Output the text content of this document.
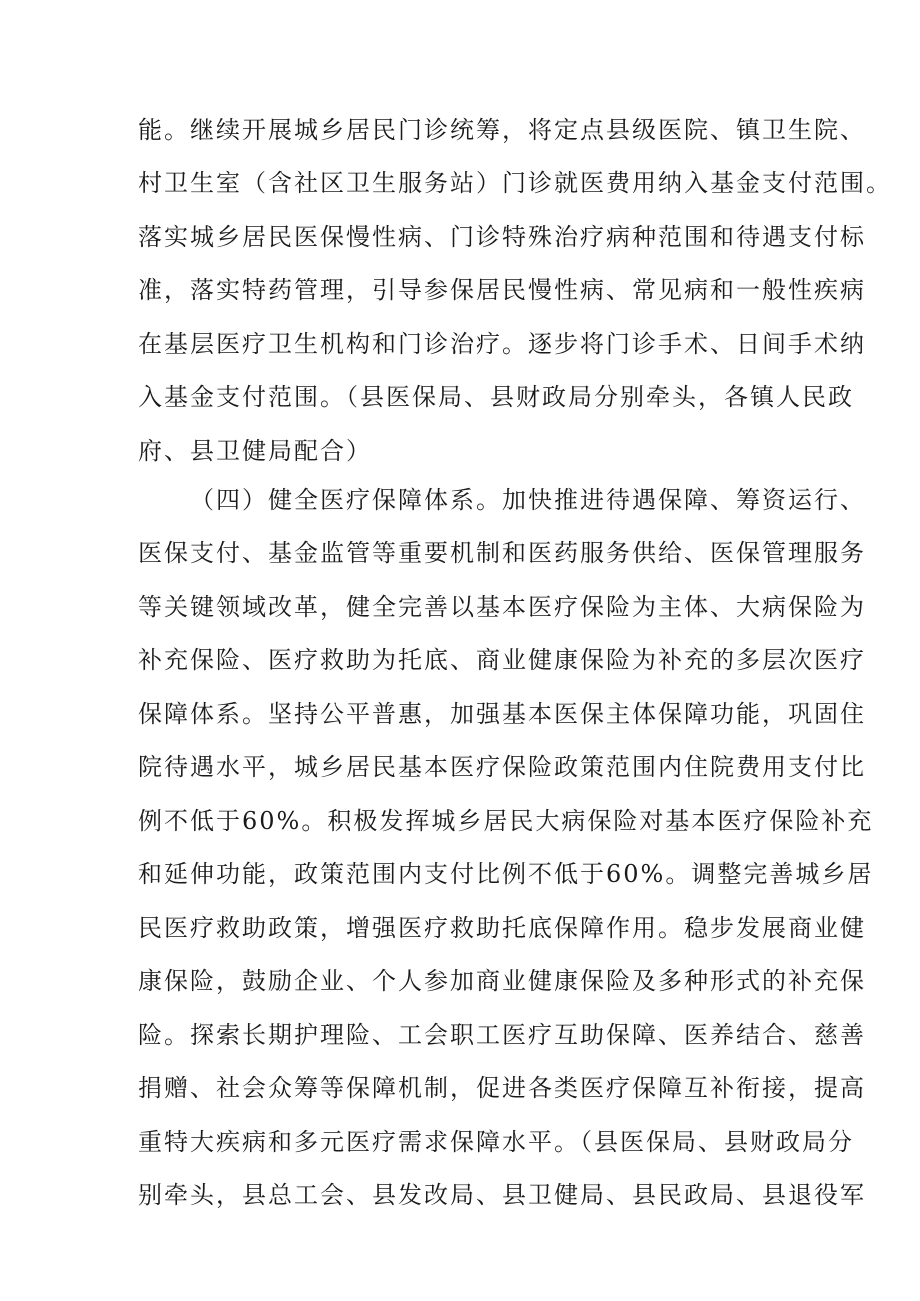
能。继续开展城乡居民门诊统筹，将定点县级医院、镇卫生院、
村卫生室（含社区卫生服务站）门诊就医费用纳入基金支付范围。
落实城乡居民医保慢性病、门诊特殊治疗病种范围和待遇支付标
准，落实特药管理，引导参保居民慢性病、常见病和一般性疾病
在基层医疗卫生机构和门诊治疗。逐步将门诊手术、日间手术纳
入基金支付范围。（县医保局、县财政局分别牵头，各镇人民政
府、县卫健局配合）
（四）健全医疗保障体系。加快推进待遇保障、筹资运行、
医保支付、基金监管等重要机制和医药服务供给、医保管理服务
等关键领域改革，健全完善以基本医疗保险为主体、大病保险为
补充保险、医疗救助为托底、商业健康保险为补充的多层次医疗
保障体系。坚持公平普惠，加强基本医保主体保障功能，巩固住
院待遇水平，城乡居民基本医疗保险政策范围内住院费用支付比
例不低于60%。积极发挥城乡居民大病保险对基本医疗保险补充
和延伸功能，政策范围内支付比例不低于60%。调整完善城乡居
民医疗救助政策，增强医疗救助托底保障作用。稳步发展商业健
康保险，鼓励企业、个人参加商业健康保险及多种形式的补充保
险。探索长期护理险、工会职工医疗互助保障、医养结合、慈善
捐赠、社会众筹等保障机制，促进各类医疗保障互补衔接，提高
重特大疾病和多元医疗需求保障水平。（县医保局、县财政局分
别牵头，县总工会、县发改局、县卫健局、县民政局、县退役军
